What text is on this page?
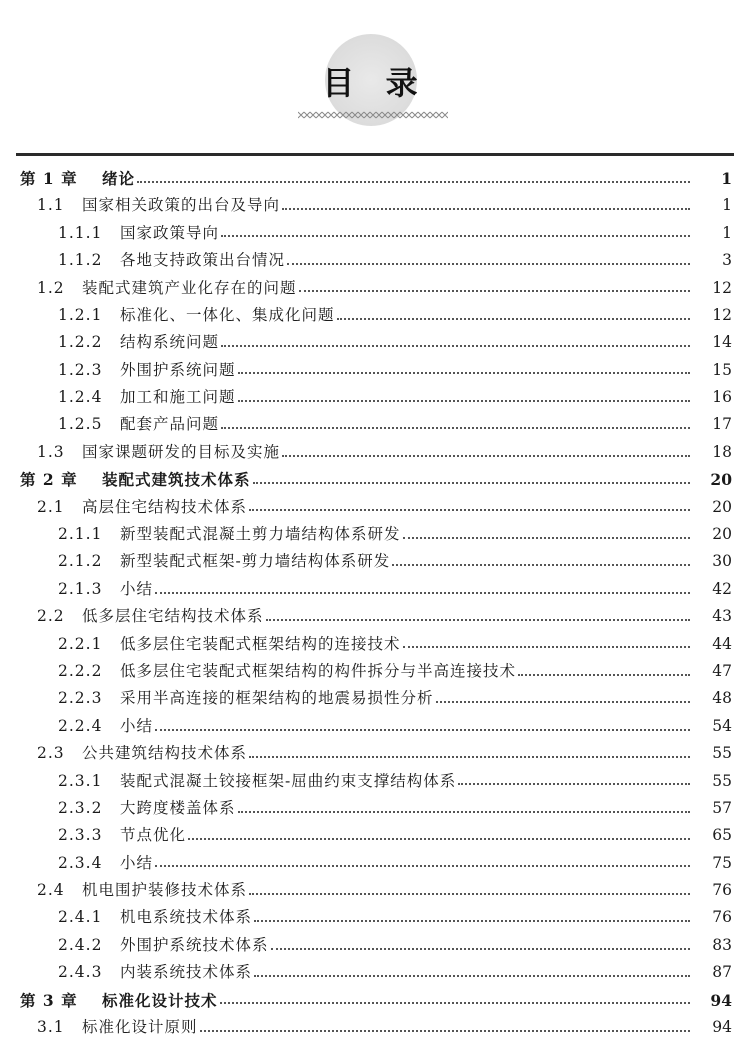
目 录
第 1 章	绪论	1
1.1	国家相关政策的出台及导向	1
1.1.1	国家政策导向	1
1.1.2	各地支持政策出台情况	3
1.2	装配式建筑产业化存在的问题	12
1.2.1	标准化、一体化、集成化问题	12
1.2.2	结构系统问题	14
1.2.3	外围护系统问题	15
1.2.4	加工和施工问题	16
1.2.5	配套产品问题	17
1.3	国家课题研发的目标及实施	18
第 2 章	装配式建筑技术体系	20
2.1	高层住宅结构技术体系	20
2.1.1	新型装配式混凝土剪力墙结构体系研发	20
2.1.2	新型装配式框架-剪力墙结构体系研发	30
2.1.3	小结	42
2.2	低多层住宅结构技术体系	43
2.2.1	低多层住宅装配式框架结构的连接技术	44
2.2.2	低多层住宅装配式框架结构的构件拆分与半高连接技术	47
2.2.3	采用半高连接的框架结构的地震易损性分析	48
2.2.4	小结	54
2.3	公共建筑结构技术体系	55
2.3.1	装配式混凝土铰接框架-屈曲约束支撑结构体系	55
2.3.2	大跨度楼盖体系	57
2.3.3	节点优化	65
2.3.4	小结	75
2.4	机电围护装修技术体系	76
2.4.1	机电系统技术体系	76
2.4.2	外围护系统技术体系	83
2.4.3	内装系统技术体系	87
第 3 章	标准化设计技术	94
3.1	标准化设计原则	94
